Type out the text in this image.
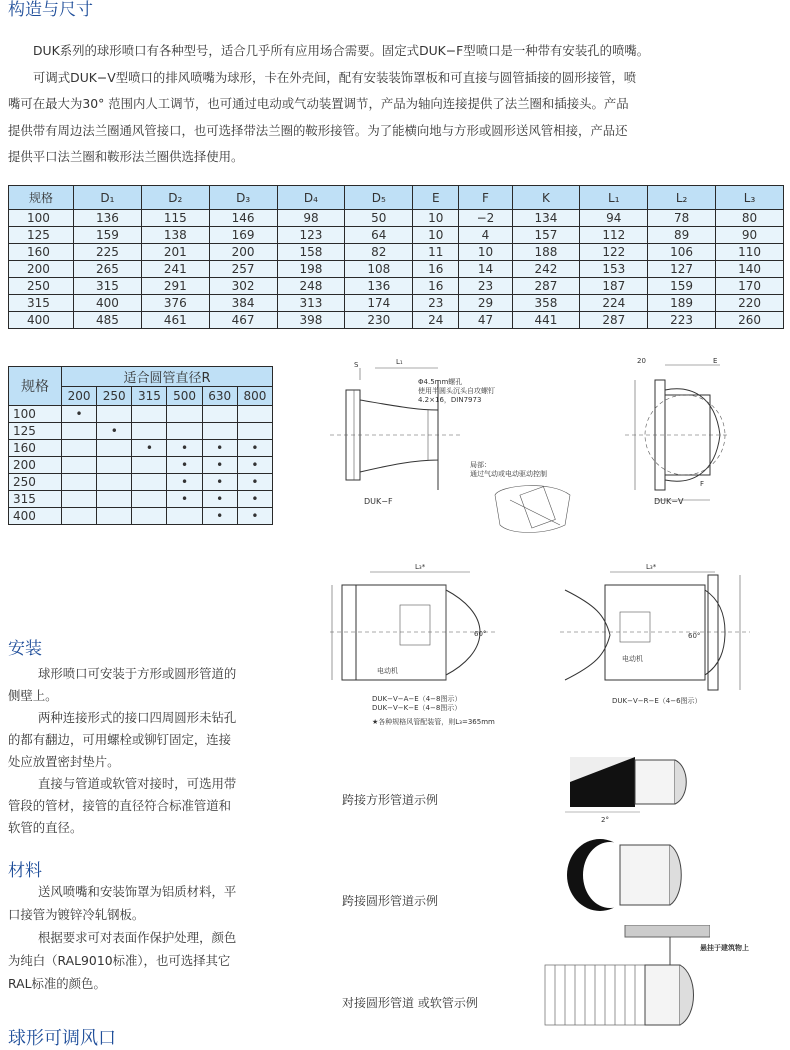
构造与尺寸
DUK系列的球形喷口有各种型号，适合几乎所有应用场合需要。固定式DUK−F型喷口是一种带有安装孔的喷嘴。
可调式DUK−V型喷口的排风喷嘴为球形，卡在外壳间，配有安装装饰罩板和可直接与圆管插接的圆形接管，喷
嘴可在最大为30° 范围内人工调节，也可通过电动或气动装置调节，产品为轴向连接提供了法兰圈和插接头。产品
提供带有周边法兰圈通风管接口，也可选择带法兰圈的鞍形接管。为了能横向地与方形或圆形送风管相接，产品还
提供平口法兰圈和鞍形法兰圈供选择使用。
规格	D₁	D₂	D₃	D₄	D₅	E	F	K	L₁	L₂	L₃
100	136	115	146	98	50	10	−2	134	94	78	80
125	159	138	169	123	64	10	4	157	112	89	90
160	225	201	200	158	82	11	10	188	122	106	110
200	265	241	257	198	108	16	14	242	153	127	140
250	315	291	302	248	136	16	23	287	187	159	170
315	400	376	384	313	174	23	29	358	224	189	220
400	485	461	467	398	230	24	47	441	287	223	260
规格	适合圆管直径R					
	200	250	315	500	630	800
100	•					
125		•				
160			•	•	•	•
200				•	•	•
250				•	•	•
315				•	•	•
400					•	•
Φ4.5mm螺孔
使用半圆头沉头自攻螺钉
4.2×16，DIN7973
局部：
通过气动或电动驱动控制
S	L₁	20	E
F
DUK−F	DUK−V
L₃*	L₃*
60°	60°
电动机
电动机
DUK−V−A−E（4−8图示）
DUK−V−K−E（4−8图示）
DUK−V−R−E（4−6图示）
★各种规格风管配装管，则L₃=365mm
2°
跨接方形管道示例
跨接圆形管道示例
悬挂于建筑物上
对接圆形管道 或软管示例
安装
球形喷口可安装于方形或圆形管道的
侧壁上。
两种连接形式的接口四周圆形未钻孔
的都有翻边，可用螺栓或铆钉固定，连接
处应放置密封垫片。
直接与管道或软管对接时，可选用带
管段的管材，接管的直径符合标准管道和
软管的直径。
材料
送风喷嘴和安装饰罩为铝质材料，平
口接管为镀锌冷轧钢板。
根据要求可对表面作保护处理，颜色
为纯白（RAL9010标准），也可选择其它
RAL标准的颜色。
球形可调风口
